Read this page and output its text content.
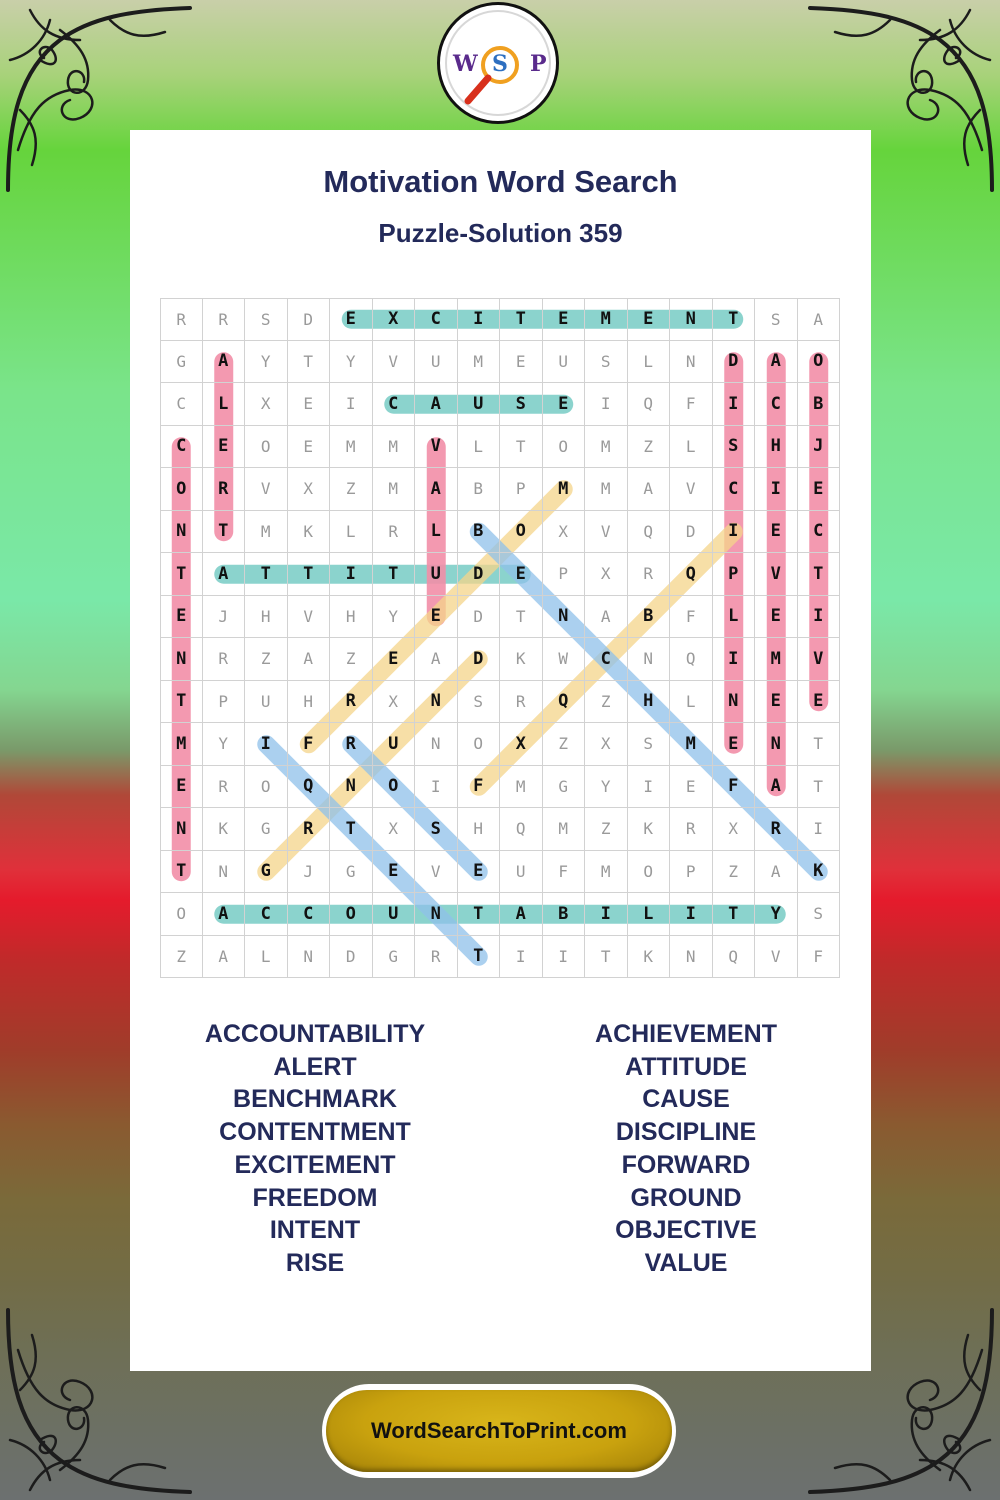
W S P
Motivation Word Search
Puzzle-Solution 359
R	R	S	D	E	X	C	I	T	E	M	E	N	T	S	A
G	A	Y	T	Y	V	U	M	E	U	S	L	N	D	A	O
C	L	X	E	I	C	A	U	S	E	I	Q	F	I	C	B
C	E	O	E	M	M	V	L	T	O	M	Z	L	S	H	J
O	R	V	X	Z	M	A	B	P	M	M	A	V	C	I	E
N	T	M	K	L	R	L	B	O	X	V	Q	D	I	E	C
T	A	T	T	I	T	U	D	E	P	X	R	Q	P	V	T
E	J	H	V	H	Y	E	D	T	N	A	B	F	L	E	I
N	R	Z	A	Z	E	A	D	K	W	C	N	Q	I	M	V
T	P	U	H	R	X	N	S	R	Q	Z	H	L	N	E	E
M	Y	I	F	R	U	N	O	X	Z	X	S	M	E	N	T
E	R	O	Q	N	O	I	F	M	G	Y	I	E	F	A	T
N	K	G	R	T	X	S	H	Q	M	Z	K	R	X	R	I
T	N	G	J	G	E	V	E	U	F	M	O	P	Z	A	K
O	A	C	C	O	U	N	T	A	B	I	L	I	T	Y	S
Z	A	L	N	D	G	R	T	I	I	T	K	N	Q	V	F
ACCOUNTABILITY
ALERT
BENCHMARK
CONTENTMENT
EXCITEMENT
FREEDOM
INTENT
RISE
ACHIEVEMENT
ATTITUDE
CAUSE
DISCIPLINE
FORWARD
GROUND
OBJECTIVE
VALUE
WordSearchToPrint.com
